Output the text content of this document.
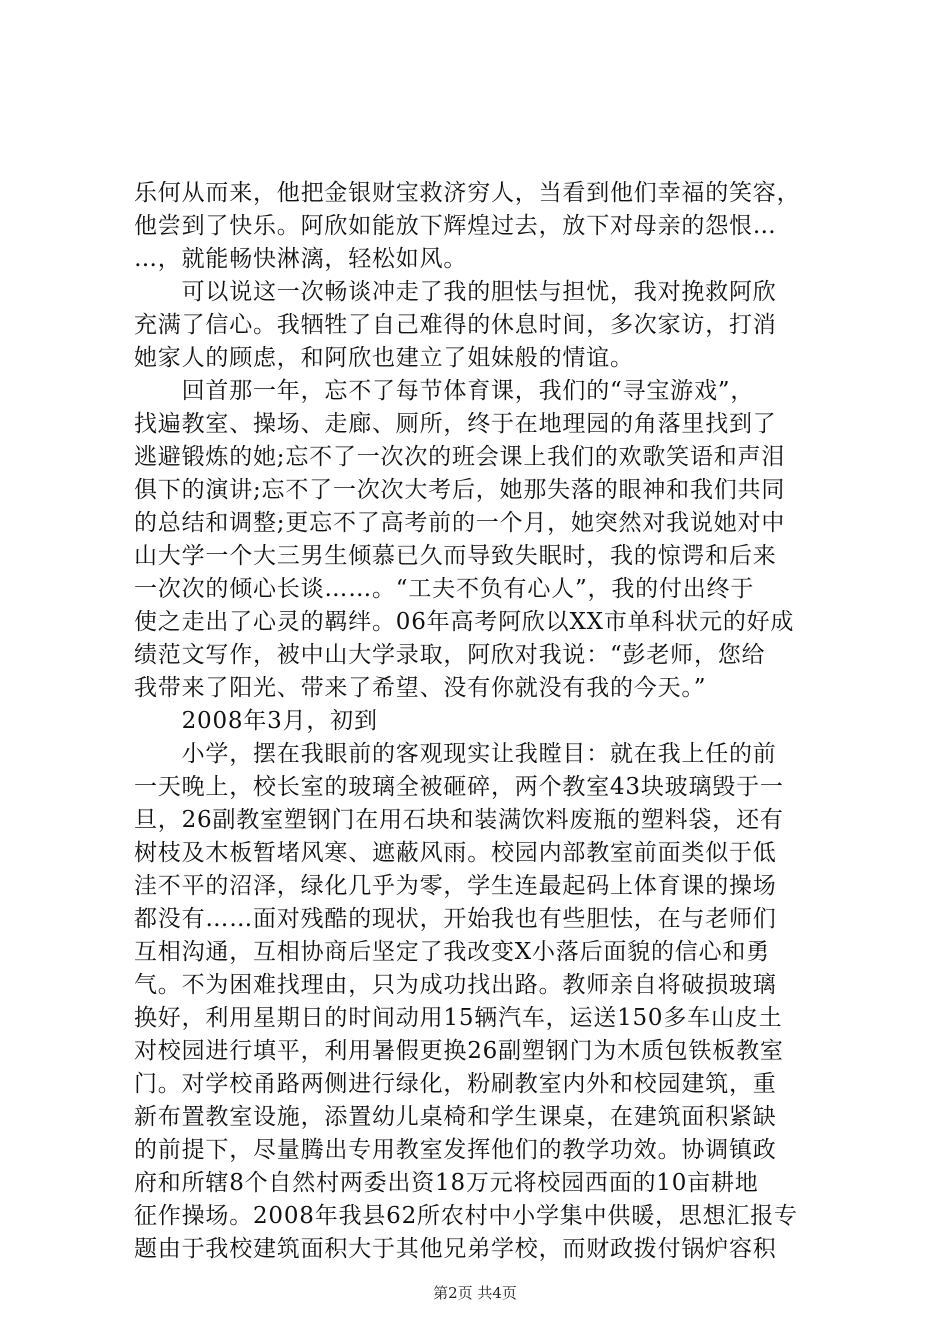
乐何从而来，他把金银财宝救济穷人，当看到他们幸福的笑容，
他尝到了快乐。阿欣如能放下辉煌过去，放下对母亲的怨恨…
…，就能畅快淋漓，轻松如风。
　　可以说这一次畅谈冲走了我的胆怯与担忧，我对挽救阿欣
充满了信心。我牺牲了自己难得的休息时间，多次家访，打消
她家人的顾虑，和阿欣也建立了姐妹般的情谊。
　　回首那一年，忘不了每节体育课，我们的“寻宝游戏”，
找遍教室、操场、走廊、厕所，终于在地理园的角落里找到了
逃避锻炼的她;忘不了一次次的班会课上我们的欢歌笑语和声泪
俱下的演讲;忘不了一次次大考后，她那失落的眼神和我们共同
的总结和调整;更忘不了高考前的一个月，她突然对我说她对中
山大学一个大三男生倾慕已久而导致失眠时，我的惊谔和后来
一次次的倾心长谈……。“工夫不负有心人”，我的付出终于
使之走出了心灵的羁绊。06年高考阿欣以XX市单科状元的好成
绩范文写作，被中山大学录取，阿欣对我说：“彭老师，您给
我带来了阳光、带来了希望、没有你就没有我的今天。”
　　2008年3月，初到
　　小学，摆在我眼前的客观现实让我瞠目：就在我上任的前
一天晚上，校长室的玻璃全被砸碎，两个教室43块玻璃毁于一
旦，26副教室塑钢门在用石块和装满饮料废瓶的塑料袋，还有
树枝及木板暂堵风寒、遮蔽风雨。校园内部教室前面类似于低
洼不平的沼泽，绿化几乎为零，学生连最起码上体育课的操场
都没有……面对残酷的现状，开始我也有些胆怯，在与老师们
互相沟通，互相协商后坚定了我改变X小落后面貌的信心和勇
气。不为困难找理由，只为成功找出路。教师亲自将破损玻璃
换好，利用星期日的时间动用15辆汽车，运送150多车山皮土
对校园进行填平，利用暑假更换26副塑钢门为木质包铁板教室
门。对学校甬路两侧进行绿化，粉刷教室内外和校园建筑，重
新布置教室设施，添置幼儿桌椅和学生课桌，在建筑面积紧缺
的前提下，尽量腾出专用教室发挥他们的教学功效。协调镇政
府和所辖8个自然村两委出资18万元将校园西面的10亩耕地
征作操场。2008年我县62所农村中小学集中供暖，思想汇报专
题由于我校建筑面积大于其他兄弟学校，而财政拨付锅炉容积
第2页 共4页
